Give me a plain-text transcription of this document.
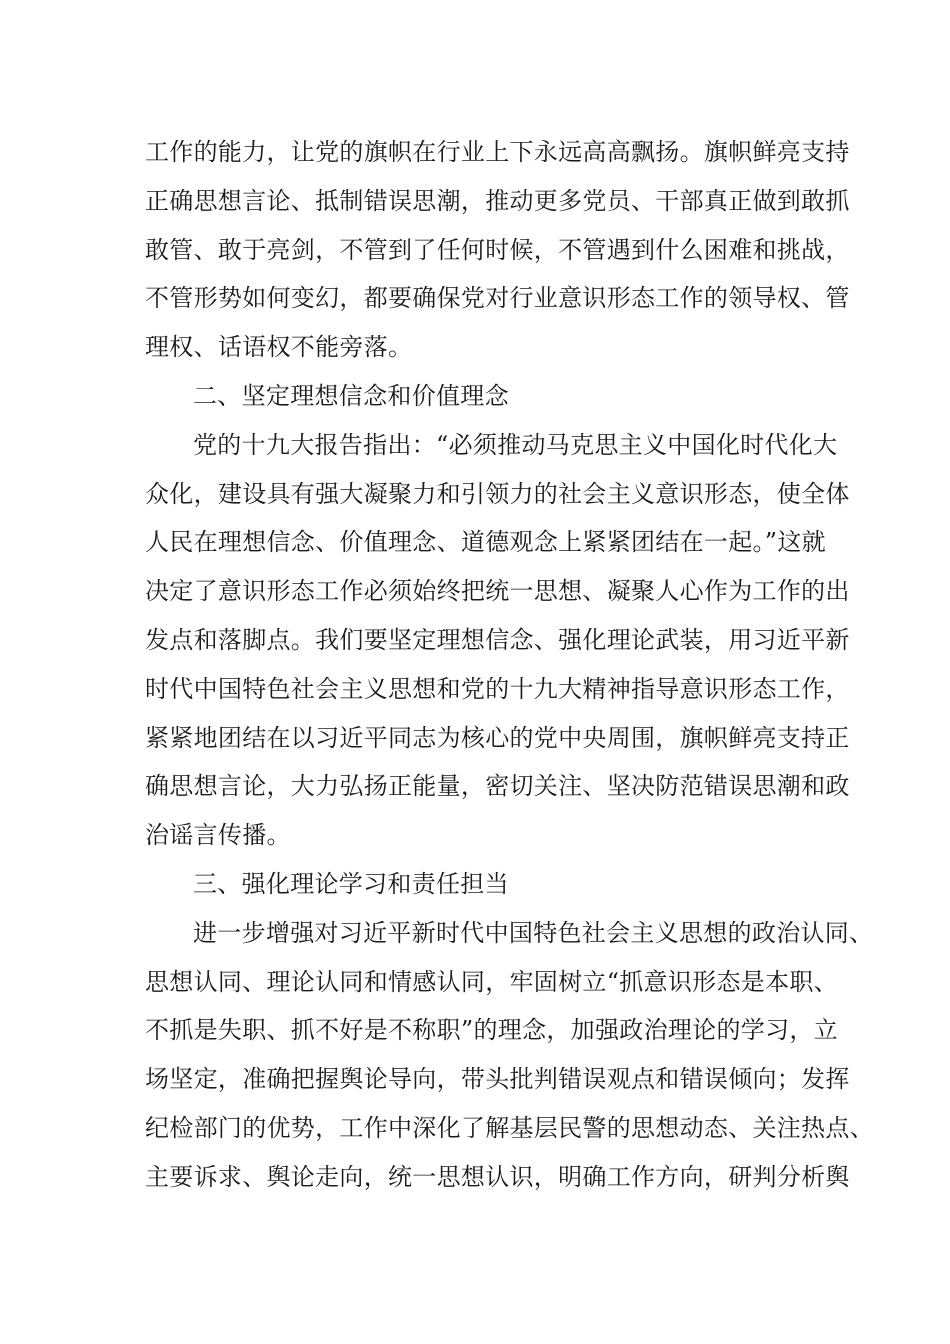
工作的能力，让党的旗帜在行业上下永远高高飘扬。旗帜鲜亮支持
正确思想言论、抵制错误思潮，推动更多党员、干部真正做到敢抓
敢管、敢于亮剑，不管到了任何时候，不管遇到什么困难和挑战，
不管形势如何变幻，都要确保党对行业意识形态工作的领导权、管
理权、话语权不能旁落。
二、坚定理想信念和价值理念
党的十九大报告指出：“必须推动马克思主义中国化时代化大
众化，建设具有强大凝聚力和引领力的社会主义意识形态，使全体
人民在理想信念、价值理念、道德观念上紧紧团结在一起。”这就
决定了意识形态工作必须始终把统一思想、凝聚人心作为工作的出
发点和落脚点。我们要坚定理想信念、强化理论武装，用习近平新
时代中国特色社会主义思想和党的十九大精神指导意识形态工作，
紧紧地团结在以习近平同志为核心的党中央周围，旗帜鲜亮支持正
确思想言论，大力弘扬正能量，密切关注、坚决防范错误思潮和政
治谣言传播。
三、强化理论学习和责任担当
进一步增强对习近平新时代中国特色社会主义思想的政治认同、
思想认同、理论认同和情感认同，牢固树立“抓意识形态是本职、
不抓是失职、抓不好是不称职”的理念，加强政治理论的学习，立
场坚定，准确把握舆论导向，带头批判错误观点和错误倾向；发挥
纪检部门的优势，工作中深化了解基层民警的思想动态、关注热点、
主要诉求、舆论走向，统一思想认识，明确工作方向，研判分析舆
